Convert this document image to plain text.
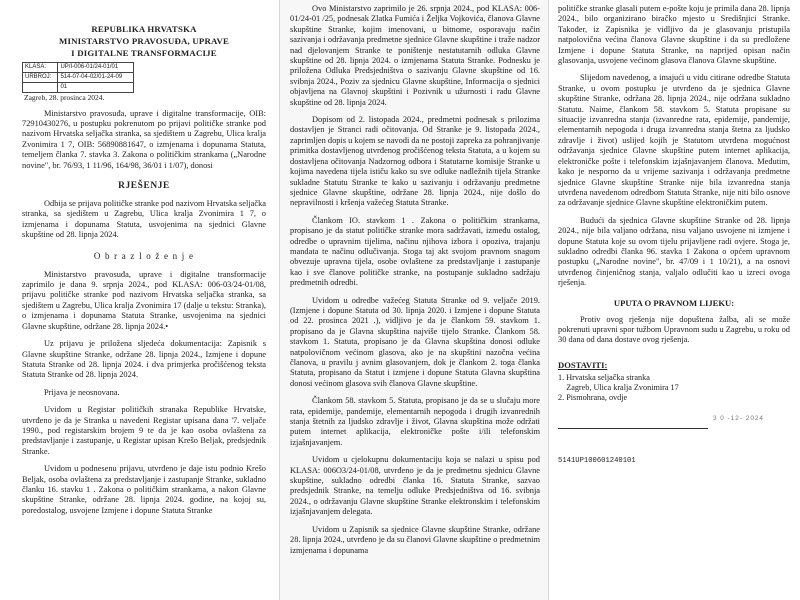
REPUBLIKA HRVATSKA
MINISTARSTVO PRAVOSUĐA, UPRAVE
I DIGITALNE TRANSFORMACIJE
KLASA:	UP/I-006-01/24-01/01
URBROJ:	514-07-04-02/01-24-09
	01
Zagreb, 28. prosinca 2024.

Ministarstvo pravosuđa, uprave i digitalne transformacije, OIB: 72910430276, u postupku pokrenutom po prijavi političke stranke pod nazivom Hrvatska seljačka stranka, sa sjedištem u Zagrebu, Ulica kralja Zvonimira 1 7, OIB: 56890881647, o izmjenama i dopunama Statuta, temeljem članka 7. stavka 3. Zakona o političkim strankama („Narodne novine", br. 76/93, 1 11/96, 164/98, 36/01 i 1/07), donosi

RJEŠENJE

Odbija se prijava političke stranke pod nazivom Hrvatska seljačka stranka, sa sjedištem u Zagrebu, Ulica kralja Zvonimira 1 7, o izmjenama i dopunama Statuta, usvojenima na sjednici Glavne skupštine od 28. lipnja 2024.

O b r a z l o ž e n j e

Ministarstvo pravosuđa, uprave i digitalne transformacije zaprimilo je dana 9. srpnja 2024., pod KLASA: 006-03/24-01/08, prijavu političke stranke pod nazivom Hrvatska seljačka stranka, sa sjedištem u Zagrebu, Ulica kralja Zvonimira 17 (dalje u tekstu: Stranka), o izmjenama i dopunama Statuta Stranke, usvojenima na sjednici Glavne skupštine, održane 28. lipnja 2024.•

Uz prijavu je priložena sljedeća dokumentacija: Zapisnik s Glavne skupštine Stranke, održane 28. lipnja 2024., Izmjene i dopune Statuta Stranke od 28. lipnja 2024. i dva primjerka pročišćenog teksta Statuta Stranke od 28. lipnja 2024.

Prijava je neosnovana.

Uvidom u Registar političkih stranaka Republike Hrvatske, utvrđeno je da je Stranka u navedeni Registar upisana dana '7. veljače 1990., pod registarskim brojem 9 te da je kao osoba ovlaštena za predstavljanje i zastupanje, u Registar upisan Krešo Beljak, predsjednik Stranke.

Uvidom u podnesenu prijavu, utvrđeno je daje istu podnio Krešo Beljak, osoba ovlaštena za predstavljanje i zastupanje Stranke, sukladno članku 16. stavku 1 . Zakona o političkim strankama, a nakon Glavne skupštine Stranke, održane 28. lipnja 2024. godine, na kojoj su, poredostalog, usvojene Izmjene i dopune Statuta Stranke

Ovo Ministarstvo zaprimilo je 26. srpnja 2024., pod KLASA: 006-01/24-01 /25, podnesak Zlatka Fumića i Željka Vojkovića, članova Glavne skupštine Stranke, kojim imenovani, u bitnome, osporavaju način sazivanja i održavanja predmetne sjednice Glavne skupštine i traže nadzor nad djelovanjem Stranke te poništenje nestatutarnih odluka Glavne skupštine od 28. lipnja 2024. o izmjenama Statuta Stranke. Podnesku je priložena Odluka Predsjedništva o sazivanju Glavne skupštine od 16. svibnja 2024., Poziv za sjednicu Glavne skupštine, Informacija o sjednici objavljena na Glavnoj skupštini i Pozivnik u užurnosti i radu Glavne skupštine od 28. lipnja 2024.

Dopisom od 2. listopada 2024., predmetni podnesak s prilozima dostavljen je Stranci radi očitovanja. Od Stranke je 9. listopada 2024., zaprimljen dopis u kojem se navodi da ne postoji zapreka za pohranjivanje primitka dostavljenog utvrđenog pročišćenog teksta Statuta, a u kojem su dostavljena očitovanja Nadzornog odbora i Statutarne komisije Stranke u kojima navedena tijela ističu kako su sve odluke nadležnih tijela Stranke sukladne Statutu Stranke te kako u sazivanju i održavanju predmetne sjednice Glavne skupštine, održane 28. lipnja 2024., nije došlo do nepravilnosti i kršenja važećeg Statuta Stranke.

Člankom IO. stavkom 1 . Zakona o političkim strankama, propisano je da statut političke stranke mora sadržavati, između ostalog, odredbe o upravnim tijelima, načinu njihova izbora i opoziva, trajanju mandata te načinu odlučivanja. Stoga taj akt svojom pravnom snagom obvezuje upravna tijela, osobe ovlaštene za predstavljanje i zastupanje kao i sve članove političke stranke, na postupanje sukladno sadržaju predmetnih odredbi.

Uvidom u odredbe važećeg Statuta Stranke od 9. veljače 2019. (Izmjene i dopune Statuta od 30. lipnja 2020. i Izmjene i dopune Statuta od 22. prosinca 2021 .), vidljivo je da je člankom 59. stavkom 1. propisano da je Glavna skupština najviše tijelo Stranke. Člankom 58. stavkom 1. Statuta, propisano je da Glavna skupština donosi odluke natpolovičnom većinom glasova, ako je na skupštini nazočna većina članova, u pravilu j avnim glasovanjem, dok je člankom 2. toga članka Statuta, propisano da Statut i izmjene i dopune Statuta Glavna skupština donosi većinom glasova svih članova Glavne skupštine.

Člankom 58. stavkom 5. Statuta, propisano je da se u slučaju more rata, epidemije, pandemije, elementarnih nepogoda i drugih izvanrednih stanja štetnih za ljudsko zdravlje i život, Glavna skupština može održati putem internet aplikacija, elektroničke pošte i/ili telefonskim izjašnjavanjem.

Uvidom u cjelokupnu dokumentaciju koja se nalazi u spisu pod KLASA: 006O3/24-01/08, utvrđeno je da je predmetnu sjednicu Glavne skupštine, sukladno odredbi članka 16. Statuta Stranke, sazvao predsjednik Stranke, na temelju odluke Predsjedništva od 16. svibnja 2024., o održavanju Glavne skupštine Stranke elektronskim i telefonskim izjašnjavanjem delegata.

Uvidom u Zapisnik sa sjednice Glavne skupštine Stranke, održane 28. lipnja 2024., utvrđeno je da su članovi Glavne skupštine o predmetnim izmjenama i dopunama

političke stranke glasali putem e-pošte koju je primila dana 28. lipnja 2024., bilo organizirano biračko mjesto u Središnjici Stranke. Također, iz Zapisnika je vidljivo da je glasovanju pristupila natpolovična većina članova Glavne skupštine i da su predložene Izmjene i dopune Statuta Stranke, na naprijed opisan način glasovanja, usvojene većinom glasova članova Glavne skupštine.

Slijedom navedenog, a imajući u vidu citirane odredbe Statuta Stranke, u ovom postupku je utvrđeno da je sjednica Glavne skupštine Stranke, održana 28. lipnja 2024., nije održana sukladno Statutu. Naime, člankom 58. stavkom 5. Statuta propisane su situacije izvanredna stanja (izvanredne rata, epidemije, pandemije, elementarnih nepogoda i druga izvanredna stanja štetna za ljudsko zdravlje i život) uslijed kojih je Statutom utvrđena mogućnost održavanja sjednice Glavne skupštine putem internet aplikacija, elektroničke pošte i telefonskim izjašnjavanjem članova. Međutim, kako je nesporno da u vrijeme sazivanja i održavanja predmetne sjednice Glavne skupštine Stranke nije bila izvanredna stanja utvrđena navedenom odredbom Statuta Stranke, nije niti bilo osnove za održavanje sjednice Glavne skupštine elektroničkim putem.

Budući da sjednica Glavne skupštine Stranke od 28. lipnja 2024., nije bila valjano održana, nisu valjano usvojene ni izmjene i dopune Statuta koje su ovom tijelu prijavljene radi ovjere. Stoga je, sukladno odredbi članka 96. stavka 1 Zakona o općem upravnom postupku („Narodne novine", br. 47/09 i 1 10/21), a na osnovi utvrđenog činjeničnog stanja, valjalo odlučiti kao u izreci ovoga rješenja.

UPUTA O PRAVNOM LIJEKU:

Protiv ovog rješenja nije dopuštena žalba, ali se može pokrenuti upravni spor tužbom Upravnom sudu u Zagrebu, u roku od 30 dana od dana dostave ovog rješenja.

DOSTAVITI:

1. Hrvatska seljačka stranka

Zagreb, Ulica kralja Zvonimira 17

2. Pismohrana, ovdje

3 0 -12- 2024
5141UP100601240101
